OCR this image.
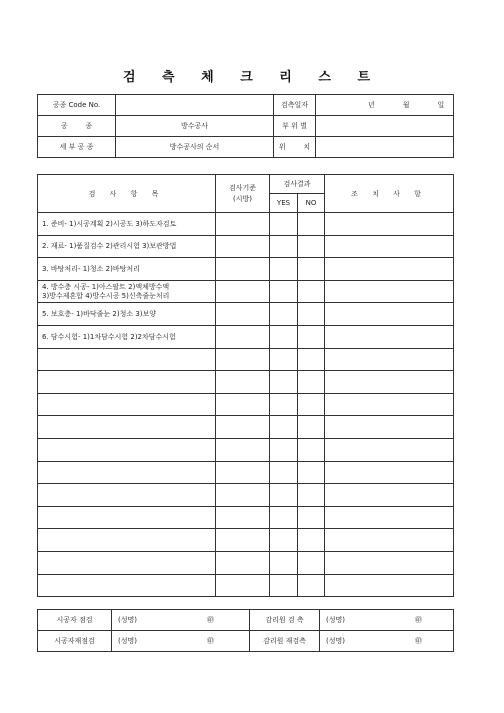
검 측 체 크 리 스 트
공종 Code No.		검측일자	년 월 일
공        종	방수공사	부 위 별	
세 부 공 종	방수공사의 순서	위        치	
검 사 항 목	검사기준
(시방)	검사결과		조 치 사 항
		YES	NO	
1. 준비- 1)시공계획 2)시공도 3)하도자검토				
2. 재료- 1)품질검수 2)관리시험 3)보관방법				
3. 바탕처리- 1)청소 2)바탕처리				

4. 방수층 시공- 1)아스팔트 2)액체방수액
3)방수제혼합 4)방수시공 5)신축줄눈처리				

5. 보호층- 1)바닥줄눈 2)청소 3)보양				
6. 담수시험- 1)1차담수시험 2)2차담수시험				

시공자 점검	(성명) ㊞	감리원 검 측	(성명) ㊞
시공자재점검	(성명) ㊞	감리원 재검측	(성명) ㊞
